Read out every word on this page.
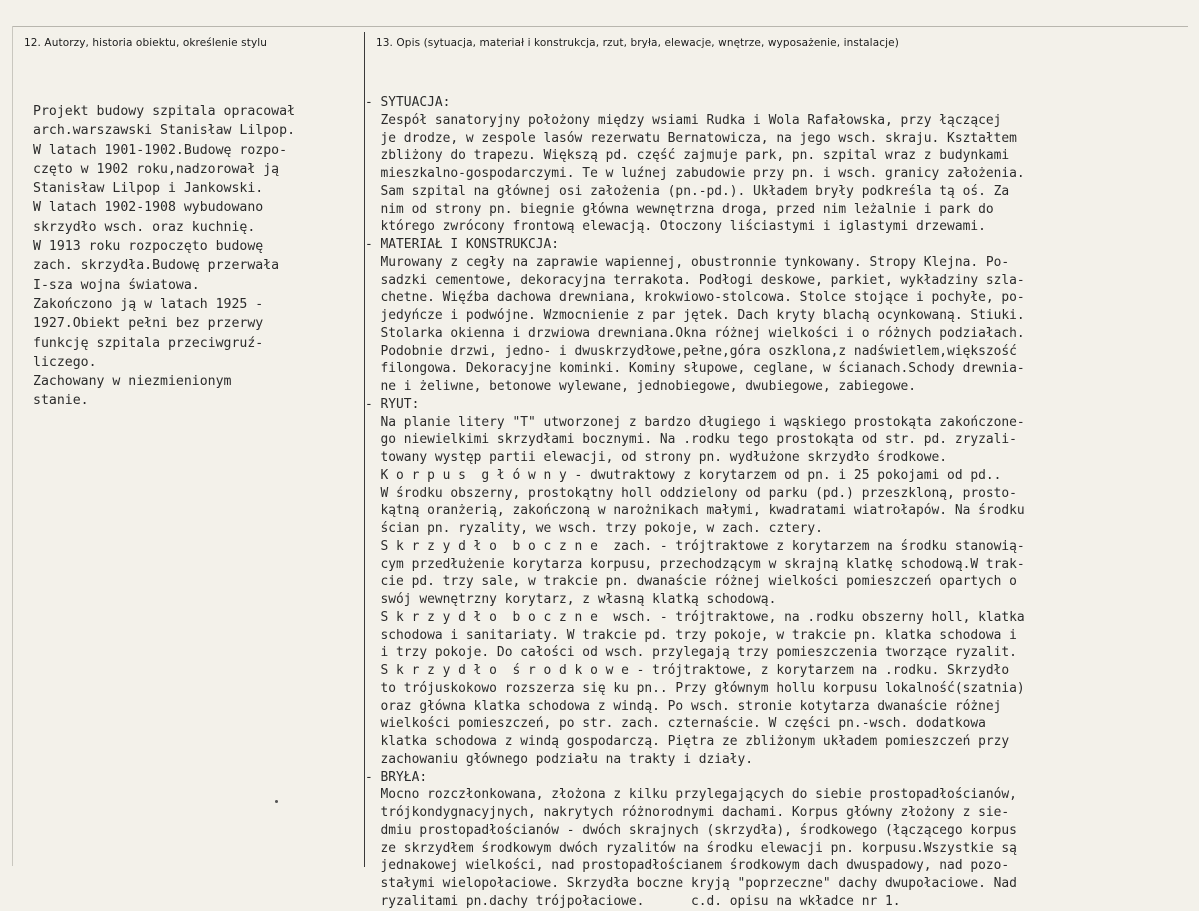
12. Autorzy, historia obiektu, określenie stylu	13. Opis (sytuacja, materiał i konstrukcja, rzut, bryła, elewacje, wnętrze, wyposażenie, instalacje)
Projekt budowy szpitala opracował
arch.warszawski Stanisław Lilpop.
W latach 1901-1902.Budowę rozpo-
częto w 1902 roku,nadzorował ją
Stanisław Lilpop i Jankowski.
W latach 1902-1908 wybudowano
skrzydło wsch. oraz kuchnię.
W 1913 roku rozpoczęto budowę
zach. skrzydła.Budowę przerwała
I-sza wojna światowa.
Zakończono ją w latach 1925 -
1927.Obiekt pełni bez przerwy
funkcję szpitala przeciwgruź-
liczego.
Zachowany w niezmienionym
stanie.
- SYTUACJA:
Zespół sanatoryjny położony między wsiami Rudka i Wola Rafałowska, przy łączącej
je drodze, w zespole lasów rezerwatu Bernatowicza, na jego wsch. skraju. Kształtem
zbliżony do trapezu. Większą pd. część zajmuje park, pn. szpital wraz z budynkami
mieszkalno-gospodarczymi. Te w luźnej zabudowie przy pn. i wsch. granicy założenia.
Sam szpital na głównej osi założenia (pn.-pd.). Układem bryły podkreśla tą oś. Za
nim od strony pn. biegnie główna wewnętrzna droga, przed nim leżalnie i park do
którego zwrócony frontową elewacją. Otoczony liściastymi i iglastymi drzewami.
- MATERIAŁ I KONSTRUKCJA:
Murowany z cegły na zaprawie wapiennej, obustronnie tynkowany. Stropy Klejna. Po-
sadzki cementowe, dekoracyjna terrakota. Podłogi deskowe, parkiet, wykładziny szla-
chetne. Więźba dachowa drewniana, krokwiowo-stolcowa. Stolce stojące i pochyłe, po-
jedyńcze i podwójne. Wzmocnienie z par jętek. Dach kryty blachą ocynkowaną. Stiuki.
Stolarka okienna i drzwiowa drewniana.Okna różnej wielkości i o różnych podziałach.
Podobnie drzwi, jedno- i dwuskrzydłowe,pełne,góra oszklona,z nadświetlem,większość
filongowa. Dekoracyjne kominki. Kominy słupowe, ceglane, w ścianach.Schody drewnia-
ne i żeliwne, betonowe wylewane, jednobiegowe, dwubiegowe, zabiegowe.
- RYUT:
Na planie litery "T" utworzonej z bardzo długiego i wąskiego prostokąta zakończone-
go niewielkimi skrzydłami bocznymi. Na .rodku tego prostokąta od str. pd. zryzali-
towany występ partii elewacji, od strony pn. wydłużone skrzydło środkowe.
K o r p u s  g ł ó w n y - dwutraktowy z korytarzem od pn. i 25 pokojami od pd..
W środku obszerny, prostokątny holl oddzielony od parku (pd.) przeszkloną, prosto-
kątną oranżerią, zakończoną w narożnikach małymi, kwadratami wiatrołapów. Na środku
ścian pn. ryzality, we wsch. trzy pokoje, w zach. cztery.
S k r z y d ł o  b o c z n e  zach. - trójtraktowe z korytarzem na środku stanowią-
cym przedłużenie korytarza korpusu, przechodzącym w skrajną klatkę schodową.W trak-
cie pd. trzy sale, w trakcie pn. dwanaście różnej wielkości pomieszczeń opartych o
swój wewnętrzny korytarz, z własną klatką schodową.
S k r z y d ł o  b o c z n e  wsch. - trójtraktowe, na .rodku obszerny holl, klatka
schodowa i sanitariaty. W trakcie pd. trzy pokoje, w trakcie pn. klatka schodowa i
i trzy pokoje. Do całości od wsch. przylegają trzy pomieszczenia tworzące ryzalit.
S k r z y d ł o  ś r o d k o w e - trójtraktowe, z korytarzem na .rodku. Skrzydło
to trójuskokowo rozszerza się ku pn.. Przy głównym hollu korpusu lokalność(szatnia)
oraz główna klatka schodowa z windą. Po wsch. stronie kotytarza dwanaście różnej
wielkości pomieszczeń, po str. zach. czternaście. W części pn.-wsch. dodatkowa
klatka schodowa z windą gospodarczą. Piętra ze zbliżonym układem pomieszczeń przy
zachowaniu głównego podziału na trakty i działy.
- BRYŁA:
Mocno rozczłonkowana, złożona z kilku przylegających do siebie prostopadłościanów,
trójkondygnacyjnych, nakrytych różnorodnymi dachami. Korpus główny złożony z sie-
dmiu prostopadłościanów - dwóch skrajnych (skrzydła), środkowego (łączącego korpus
ze skrzydłem środkowym dwóch ryzalitów na środku elewacji pn. korpusu.Wszystkie są
jednakowej wielkości, nad prostopadłościanem środkowym dach dwuspadowy, nad pozo-
stałymi wielopołaciowe. Skrzydła boczne kryją "poprzeczne" dachy dwupołaciowe. Nad
ryzalitami pn.dachy trójpołaciowe.      c.d. opisu na wkładce nr 1.
